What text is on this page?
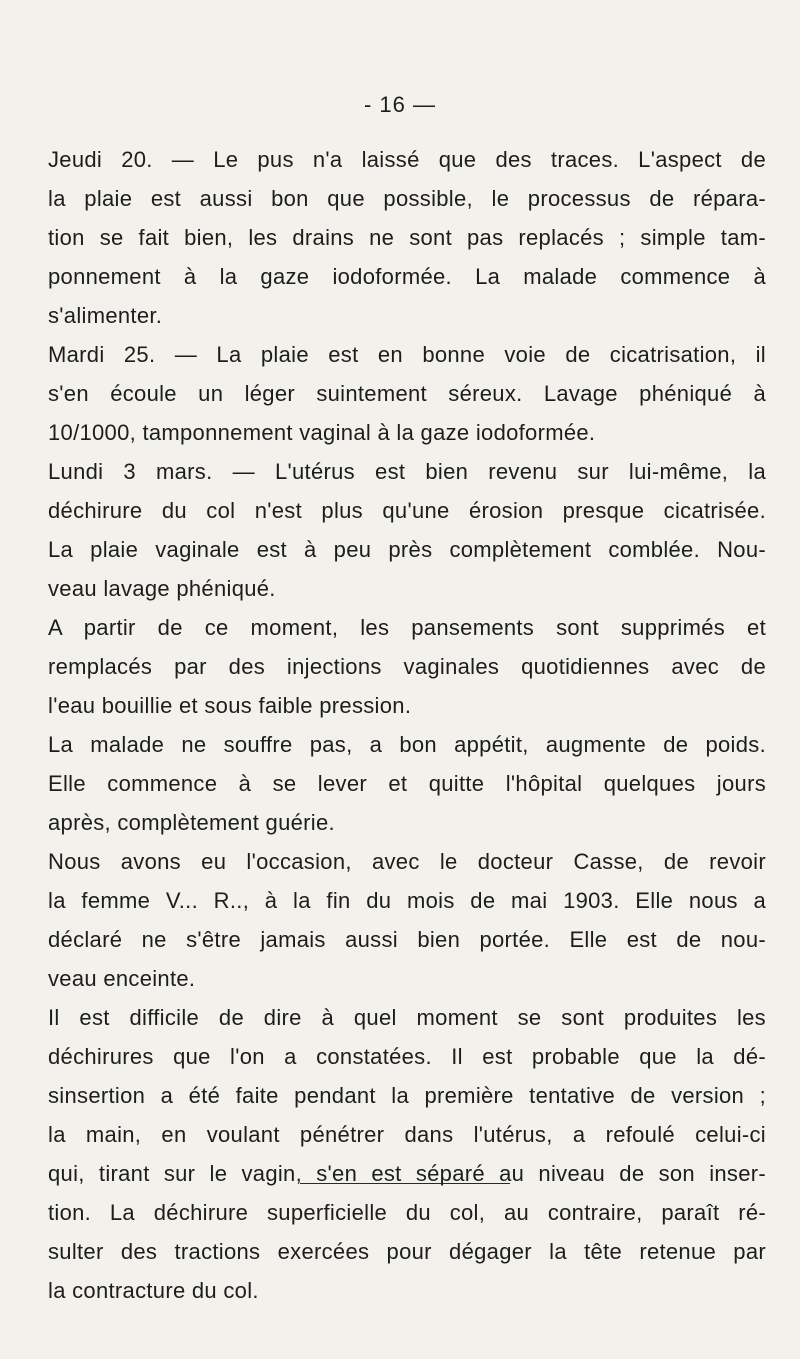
- 16 —
Jeudi 20. — Le pus n'a laissé que des traces. L'aspect de
la plaie est aussi bon que possible, le processus de répara-
tion se fait bien, les drains ne sont pas replacés ; simple tam-
ponnement à la gaze iodoformée. La malade commence à
s'alimenter.
Mardi 25. — La plaie est en bonne voie de cicatrisation, il
s'en écoule un léger suintement séreux. Lavage phéniqué à
10/1000, tamponnement vaginal à la gaze iodoformée.
Lundi 3 mars. — L'utérus est bien revenu sur lui-même, la
déchirure du col n'est plus qu'une érosion presque cicatrisée.
La plaie vaginale est à peu près complètement comblée. Nou-
veau lavage phéniqué.
A partir de ce moment, les pansements sont supprimés et
remplacés par des injections vaginales quotidiennes avec de
l'eau bouillie et sous faible pression.
La malade ne souffre pas, a bon appétit, augmente de poids.
Elle commence à se lever et quitte l'hôpital quelques jours
après, complètement guérie.
Nous avons eu l'occasion, avec le docteur Casse, de revoir
la femme V... R.., à la fin du mois de mai 1903. Elle nous a
déclaré ne s'être jamais aussi bien portée. Elle est de nou-
veau enceinte.
Il est difficile de dire à quel moment se sont produites les
déchirures que l'on a constatées. Il est probable que la dé-
sinsertion a été faite pendant la première tentative de version ;
la main, en voulant pénétrer dans l'utérus, a refoulé celui-ci
qui, tirant sur le vagin, s'en est séparé au niveau de son inser-
tion. La déchirure superficielle du col, au contraire, paraît ré-
sulter des tractions exercées pour dégager la tête retenue par
la contracture du col.
